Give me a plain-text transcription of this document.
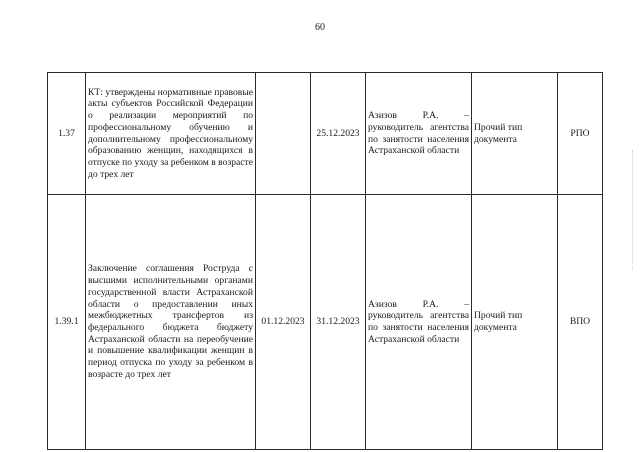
60
1.37	КТ: утверждены нормативные правовые акты субъектов Российской Федерации о реализации мероприятий по профессиональному обучению и дополнительному профессиональному образованию женщин, находящихся в отпуске по уходу за ребенком в возрасте до трех лет		25.12.2023	Азизов Р.А. – руководитель агентства по занятости населения Астраханской области	Прочий тип документа	РПО
1.39.1	Заключение соглашения Роструда с высшими исполнительными органами государственной власти Астраханской области о предоставлении иных межбюджетных трансфертов из федерального бюджета бюджету Астраханской области на переобучение и повышение квалификации женщин в период отпуска по уходу за ребенком в возрасте до трех лет	01.12.2023	31.12.2023	Азизов Р.А. – руководитель агентства по занятости населения Астраханской области	Прочий тип документа	ВПО
